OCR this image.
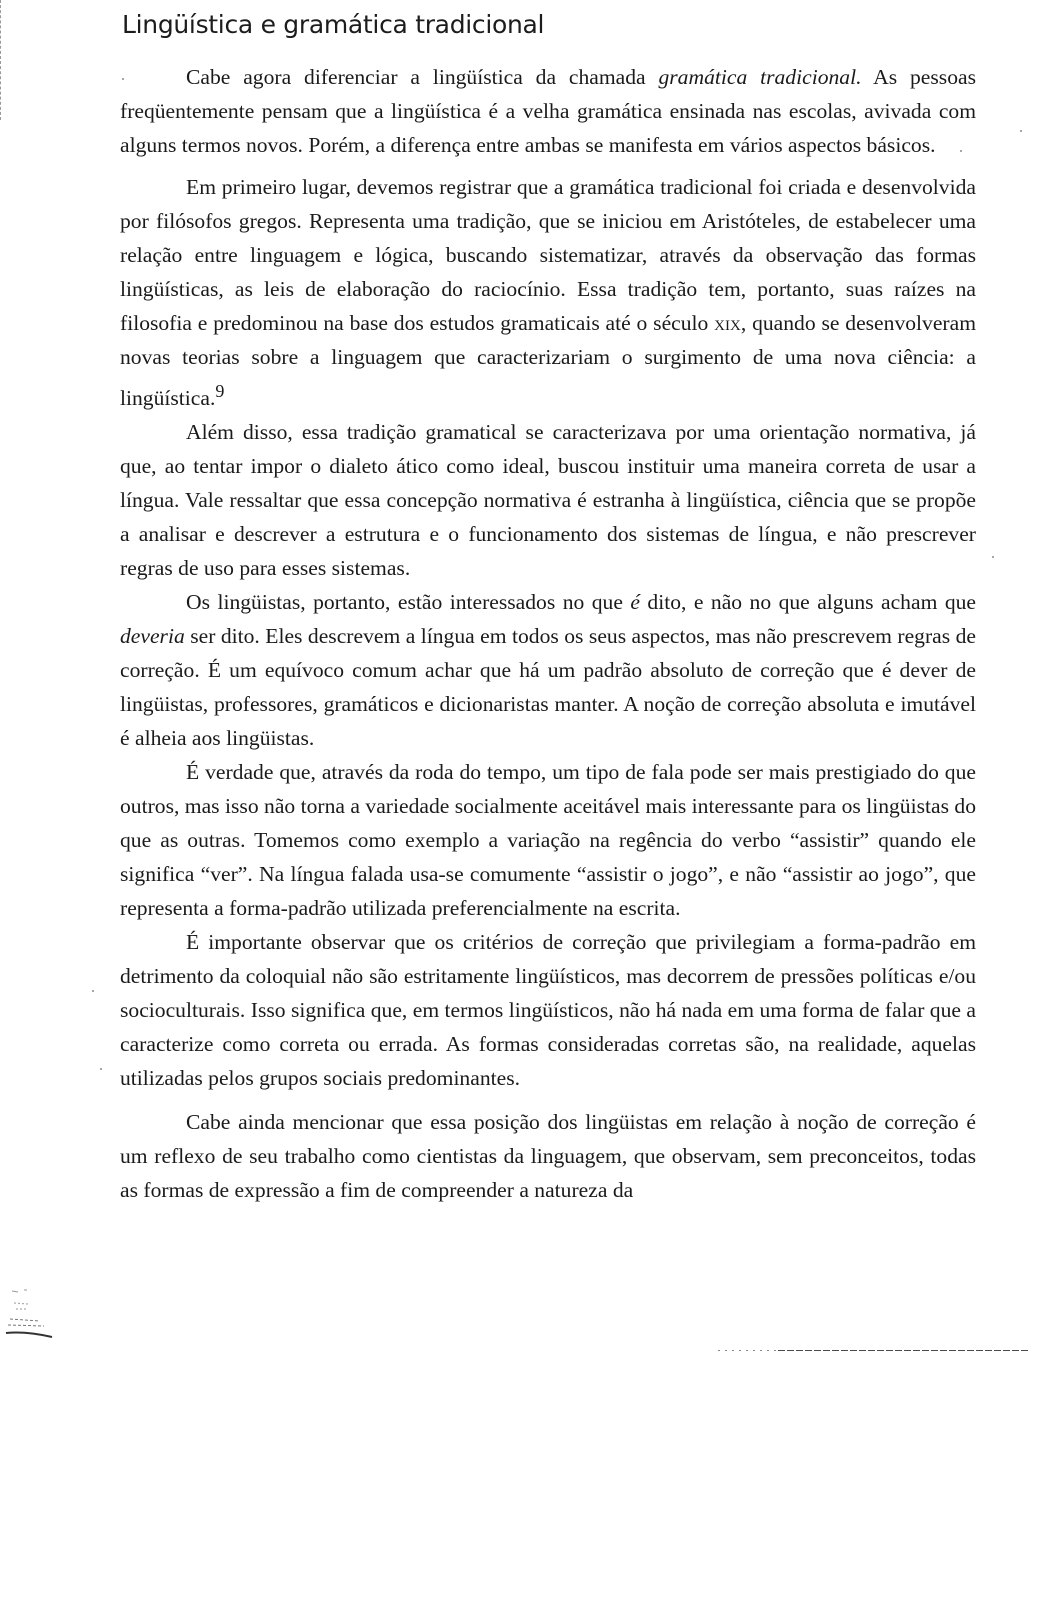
Lingüística e gramática tradicional

Cabe agora diferenciar a lingüística da chamada gramática tradicional. As pessoas freqüentemente pensam que a lingüística é a velha gramática ensinada nas escolas, avivada com alguns termos novos. Porém, a diferença entre ambas se manifesta em vários aspectos básicos.

Em primeiro lugar, devemos registrar que a gramática tradicional foi criada e desenvolvida por filósofos gregos. Representa uma tradição, que se iniciou em Aristóteles, de estabelecer uma relação entre linguagem e lógica, buscando sistematizar, através da observação das formas lingüísticas, as leis de elaboração do raciocínio. Essa tradição tem, portanto, suas raízes na filosofia e predominou na base dos estudos gramaticais até o século xix, quando se desenvolveram novas teorias sobre a linguagem que caracterizariam o surgimento de uma nova ciência: a lingüística.$^9$

Além disso, essa tradição gramatical se caracterizava por uma orientação normativa, já que, ao tentar impor o dialeto ático como ideal, buscou instituir uma maneira correta de usar a língua. Vale ressaltar que essa concepção normativa é estranha à lingüística, ciência que se propõe a analisar e descrever a estrutura e o funcionamento dos sistemas de língua, e não prescrever regras de uso para esses sistemas.

Os lingüistas, portanto, estão interessados no que é dito, e não no que alguns acham que deveria ser dito. Eles descrevem a língua em todos os seus aspectos, mas não prescrevem regras de correção. É um equívoco comum achar que há um padrão absoluto de correção que é dever de lingüistas, professores, gramáticos e dicionaristas manter. A noção de correção absoluta e imutável é alheia aos lingüistas.

É verdade que, através da roda do tempo, um tipo de fala pode ser mais prestigiado do que outros, mas isso não torna a variedade socialmente aceitável mais interessante para os lingüistas do que as outras. Tomemos como exemplo a variação na regência do verbo “assistir” quando ele significa “ver”. Na língua falada usa-se comumente “assistir o jogo”, e não “assistir ao jogo”, que representa a forma-padrão utilizada preferencialmente na escrita.

É importante observar que os critérios de correção que privilegiam a forma-padrão em detrimento da coloquial não são estritamente lingüísticos, mas decorrem de pressões políticas e/ou socioculturais. Isso significa que, em termos lingüísticos, não há nada em uma forma de falar que a caracterize como correta ou errada. As formas consideradas corretas são, na realidade, aquelas utilizadas pelos grupos sociais predominantes.

Cabe ainda mencionar que essa posição dos lingüistas em relação à noção de correção é um reflexo de seu trabalho como cientistas da linguagem, que observam, sem preconceitos, todas as formas de expressão a fim de compreender a natureza da
